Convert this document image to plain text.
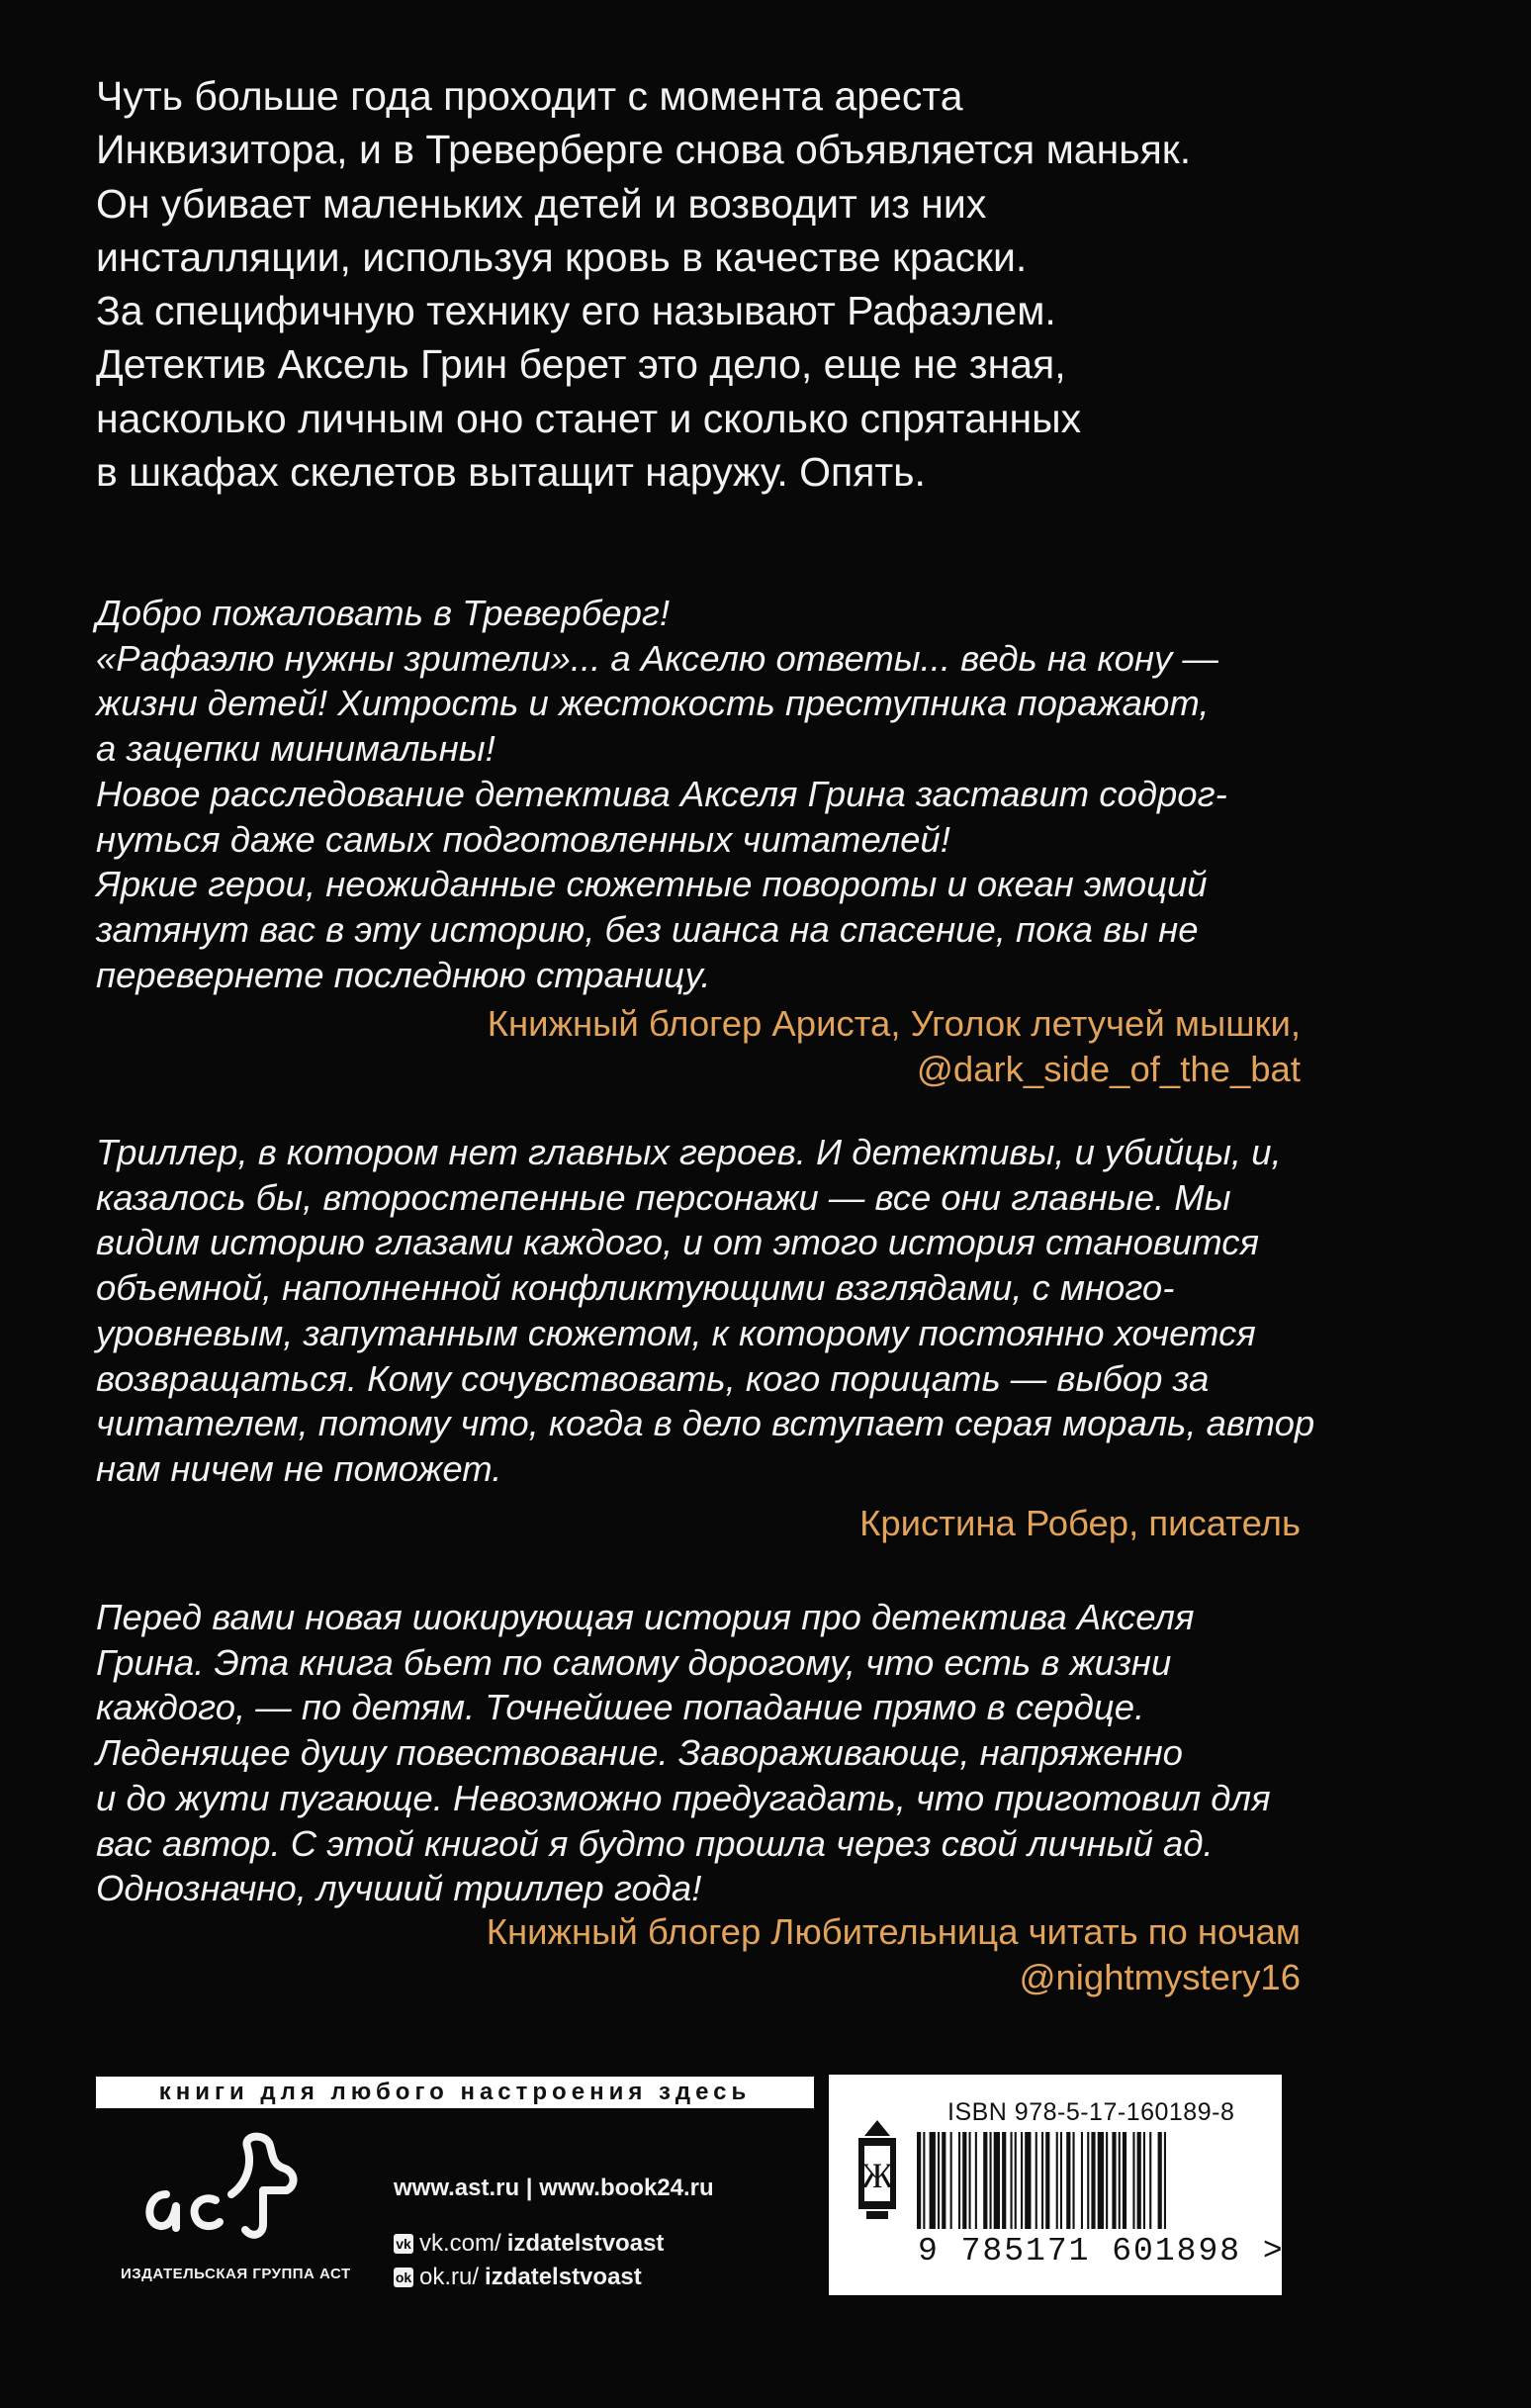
Чуть больше года проходит с момента ареста
Инквизитора, и в Треверберге снова объявляется маньяк.
Он убивает маленьких детей и возводит из них
инсталляции, используя кровь в качестве краски.
За специфичную технику его называют Рафаэлем.
Детектив Аксель Грин берет это дело, еще не зная,
насколько личным оно станет и сколько спрятанных
в шкафах скелетов вытащит наружу. Опять.
Добро пожаловать в Треверберг!
«Рафаэлю нужны зрители»... а Акселю ответы... ведь на кону —
жизни детей! Хитрость и жестокость преступника поражают,
а зацепки минимальны!
Новое расследование детектива Акселя Грина заставит содрог-
нуться даже самых подготовленных читателей!
Яркие герои, неожиданные сюжетные повороты и океан эмоций
затянут вас в эту историю, без шанса на спасение, пока вы не
перевернете последнюю страницу.
Книжный блогер Ариста, Уголок летучей мышки,
@dark_side_of_the_bat
Триллер, в котором нет главных героев. И детективы, и убийцы, и,
казалось бы, второстепенные персонажи — все они главные. Мы
видим историю глазами каждого, и от этого история становится
объемной, наполненной конфликтующими взглядами, с много-
уровневым, запутанным сюжетом, к которому постоянно хочется
возвращаться. Кому сочувствовать, кого порицать — выбор за
читателем, потому что, когда в дело вступает серая мораль, автор
нам ничем не поможет.
Кристина Робер, писатель
Перед вами новая шокирующая история про детектива Акселя
Грина. Эта книга бьет по самому дорогому, что есть в жизни
каждого, — по детям. Точнейшее попадание прямо в сердце.
Леденящее душу повествование. Завораживающе, напряженно
и до жути пугающе. Невозможно предугадать, что приготовил для
вас автор. С этой книгой я будто прошла через свой личный ад.
Однозначно, лучший триллер года!
Книжный блогер Любительница читать по ночам
@nightmystery16
книги для любого настроения здесь
аст
ИЗДАТЕЛЬСКАЯ ГРУППА АСТ
www.ast.ru | www.book24.ru
vk vk.com/ izdatelstvoast
ok ok.ru/ izdatelstvoast
Ж
ISBN 978-5-17-160189-8
9 785171 601898 >
